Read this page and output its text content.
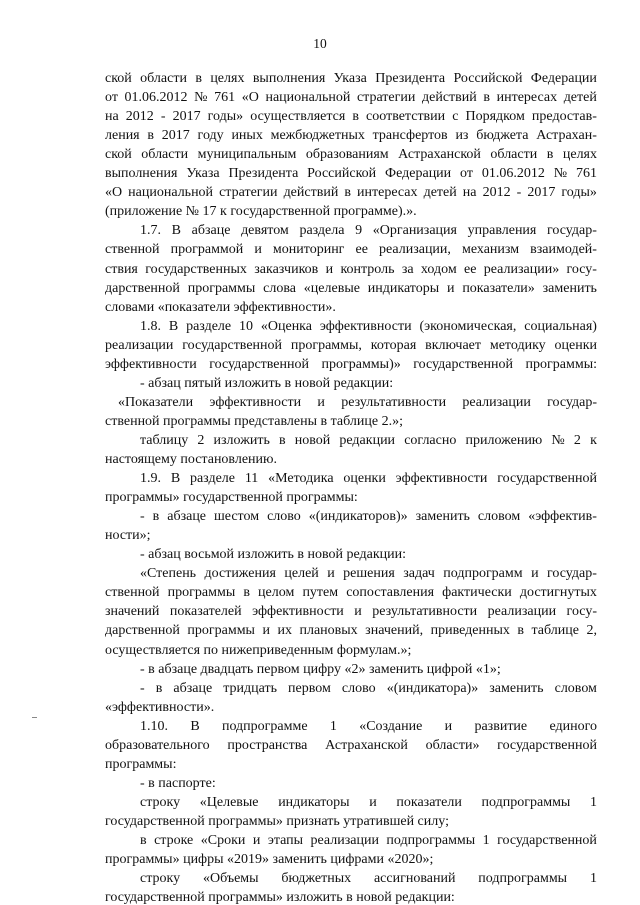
10
ской области в целях выполнения Указа Президента Российской Федерации
от 01.06.2012 № 761 «О национальной стратегии действий в интересах детей
на 2012 - 2017 годы» осуществляется в соответствии с Порядком предостав-
ления в 2017 году иных межбюджетных трансфертов из бюджета Астрахан-
ской области муниципальным образованиям Астраханской области в целях
выполнения Указа Президента Российской Федерации от 01.06.2012 № 761
«О национальной стратегии действий в интересах детей на 2012 - 2017 годы»
(приложение № 17 к государственной программе).».
1.7. В абзаце девятом раздела 9 «Организация управления государ-
ственной программой и мониторинг ее реализации, механизм взаимодей-
ствия государственных заказчиков и контроль за ходом ее реализации» госу-
дарственной программы слова «целевые индикаторы и показатели» заменить
словами «показатели эффективности».
1.8. В разделе 10 «Оценка эффективности (экономическая, социальная)
реализации государственной программы, которая включает методику оценки
эффективности государственной программы)» государственной программы:
- абзац пятый изложить в новой редакции:
«Показатели эффективности и результативности реализации государ-
ственной программы представлены в таблице 2.»;
таблицу 2 изложить в новой редакции согласно приложению № 2 к
настоящему постановлению.
1.9. В разделе 11 «Методика оценки эффективности государственной
программы» государственной программы:
- в абзаце шестом слово «(индикаторов)» заменить словом «эффектив-
ности»;
- абзац восьмой изложить в новой редакции:
«Степень достижения целей и решения задач подпрограмм и государ-
ственной программы в целом путем сопоставления фактически достигнутых
значений показателей эффективности и результативности реализации госу-
дарственной программы и их плановых значений, приведенных в таблице 2,
осуществляется по нижеприведенным формулам.»;
- в абзаце двадцать первом цифру «2» заменить цифрой «1»;
- в абзаце тридцать первом слово «(индикатора)» заменить словом
«эффективности».
1.10. В подпрограмме 1 «Создание и развитие единого
образовательного пространства Астраханской области» государственной
программы:
- в паспорте:
строку «Целевые индикаторы и показатели подпрограммы 1
государственной программы» признать утратившей силу;
в строке «Сроки и этапы реализации подпрограммы 1 государственной
программы» цифры «2019» заменить цифрами «2020»;
строку «Объемы бюджетных ассигнований подпрограммы 1
государственной программы» изложить в новой редакции:
